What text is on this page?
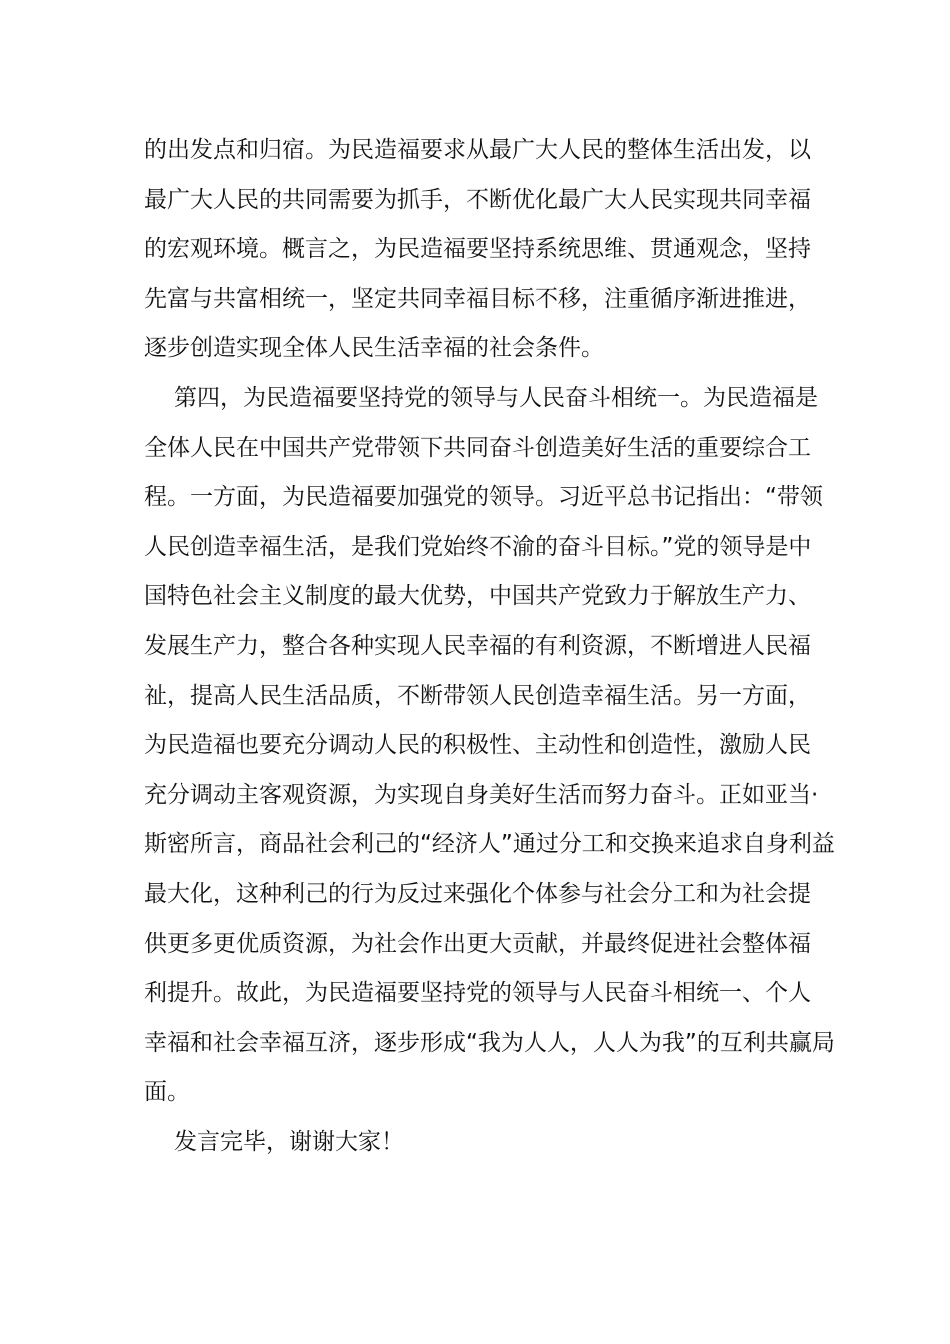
的出发点和归宿。为民造福要求从最广大人民的整体生活出发，以
最广大人民的共同需要为抓手，不断优化最广大人民实现共同幸福
的宏观环境。概言之，为民造福要坚持系统思维、贯通观念，坚持
先富与共富相统一，坚定共同幸福目标不移，注重循序渐进推进，
逐步创造实现全体人民生活幸福的社会条件。
第四，为民造福要坚持党的领导与人民奋斗相统一。为民造福是
全体人民在中国共产党带领下共同奋斗创造美好生活的重要综合工
程。一方面，为民造福要加强党的领导。习近平总书记指出：“带领
人民创造幸福生活，是我们党始终不渝的奋斗目标。”党的领导是中
国特色社会主义制度的最大优势，中国共产党致力于解放生产力、
发展生产力，整合各种实现人民幸福的有利资源，不断增进人民福
祉，提高人民生活品质，不断带领人民创造幸福生活。另一方面，
为民造福也要充分调动人民的积极性、主动性和创造性，激励人民
充分调动主客观资源，为实现自身美好生活而努力奋斗。正如亚当·
斯密所言，商品社会利己的“经济人”通过分工和交换来追求自身利益
最大化，这种利己的行为反过来强化个体参与社会分工和为社会提
供更多更优质资源，为社会作出更大贡献，并最终促进社会整体福
利提升。故此，为民造福要坚持党的领导与人民奋斗相统一、个人
幸福和社会幸福互济，逐步形成“我为人人，人人为我”的互利共赢局
面。
发言完毕，谢谢大家！
